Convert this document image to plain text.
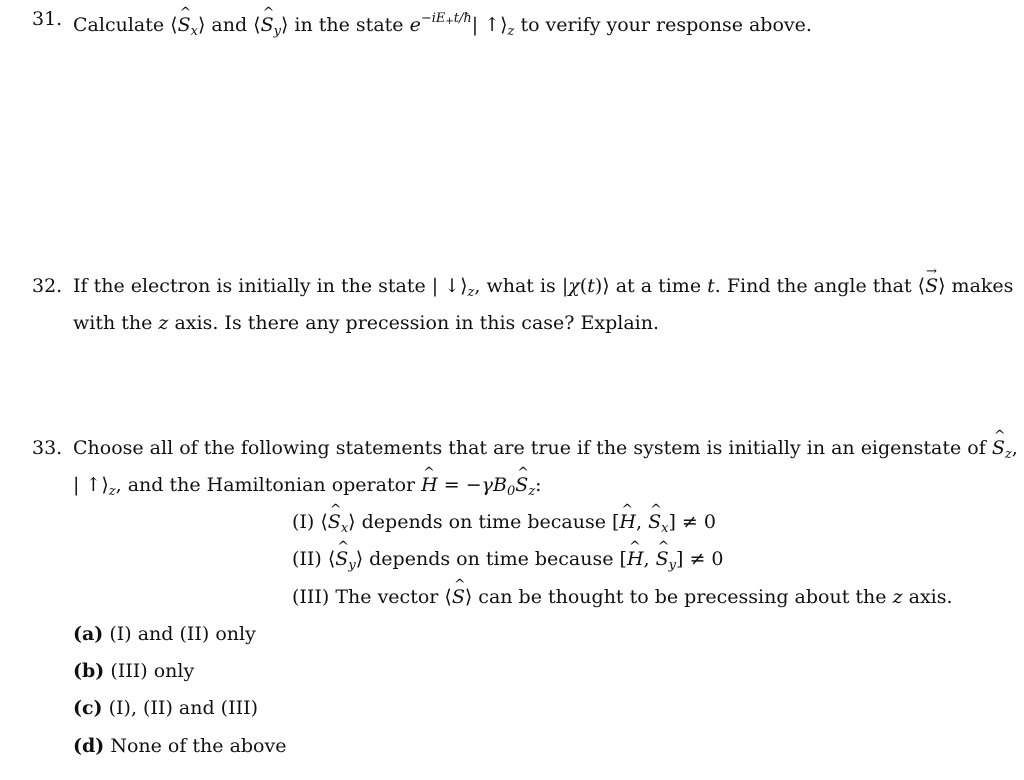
31. Calculate ⟨^ $S_x⟩$ and ⟨^ $S_y⟩$ in the state $e^{-iE+t/ħ}|$ $↑⟩_z$ to verify your response above.
32. If the electron is initially in the state | $↓⟩_z$, what is |χ(t)⟩ at a time t. Find the angle that ⟨→ S⟩ makes
with the z axis. Is there any precession in this case? Explain.
33. Choose all of the following statements that are true if the system is initially in an eigenstate of ^ $S_z$,
| $↑⟩_z$, and the Hamiltonian operator ^ $H = -\gamma B_0\^{}$ $S_z$:
(I) ⟨^ $S_x⟩$ depends on time because [^ H, ^ $S_x] \ne 0$
(II) ⟨^ $S_y⟩$ depends on time because [^ H, ^ $S_y] \ne 0$
(III) The vector ⟨^ S⟩ can be thought to be precessing about the z axis.
(a) (I) and (II) only
(b) (III) only
(c) (I), (II) and (III)
(d) None of the above
